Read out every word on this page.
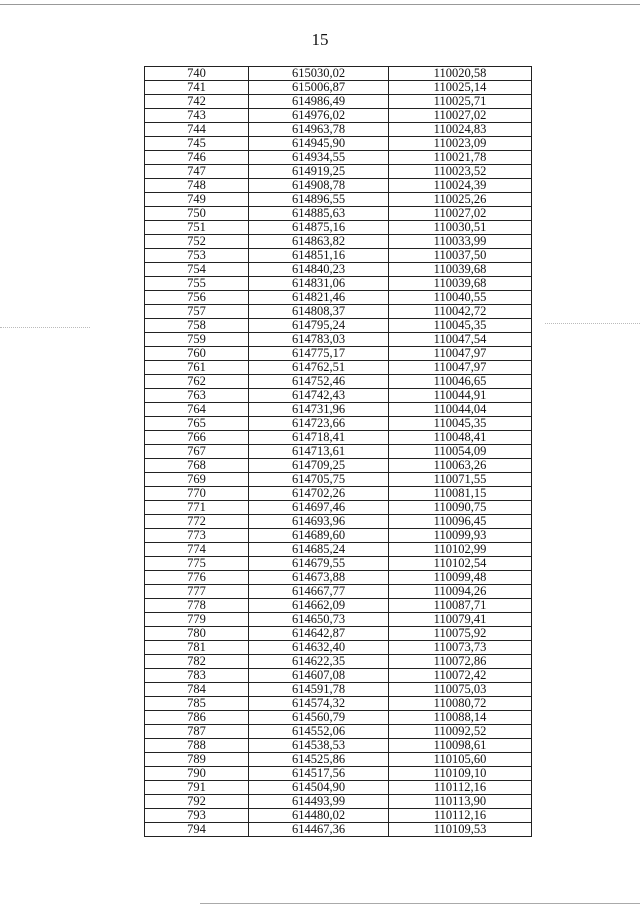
15
740	615030,02	110020,58
741	615006,87	110025,14
742	614986,49	110025,71
743	614976,02	110027,02
744	614963,78	110024,83
745	614945,90	110023,09
746	614934,55	110021,78
747	614919,25	110023,52
748	614908,78	110024,39
749	614896,55	110025,26
750	614885,63	110027,02
751	614875,16	110030,51
752	614863,82	110033,99
753	614851,16	110037,50
754	614840,23	110039,68
755	614831,06	110039,68
756	614821,46	110040,55
757	614808,37	110042,72
758	614795,24	110045,35
759	614783,03	110047,54
760	614775,17	110047,97
761	614762,51	110047,97
762	614752,46	110046,65
763	614742,43	110044,91
764	614731,96	110044,04
765	614723,66	110045,35
766	614718,41	110048,41
767	614713,61	110054,09
768	614709,25	110063,26
769	614705,75	110071,55
770	614702,26	110081,15
771	614697,46	110090,75
772	614693,96	110096,45
773	614689,60	110099,93
774	614685,24	110102,99
775	614679,55	110102,54
776	614673,88	110099,48
777	614667,77	110094,26
778	614662,09	110087,71
779	614650,73	110079,41
780	614642,87	110075,92
781	614632,40	110073,73
782	614622,35	110072,86
783	614607,08	110072,42
784	614591,78	110075,03
785	614574,32	110080,72
786	614560,79	110088,14
787	614552,06	110092,52
788	614538,53	110098,61
789	614525,86	110105,60
790	614517,56	110109,10
791	614504,90	110112,16
792	614493,99	110113,90
793	614480,02	110112,16
794	614467,36	110109,53
